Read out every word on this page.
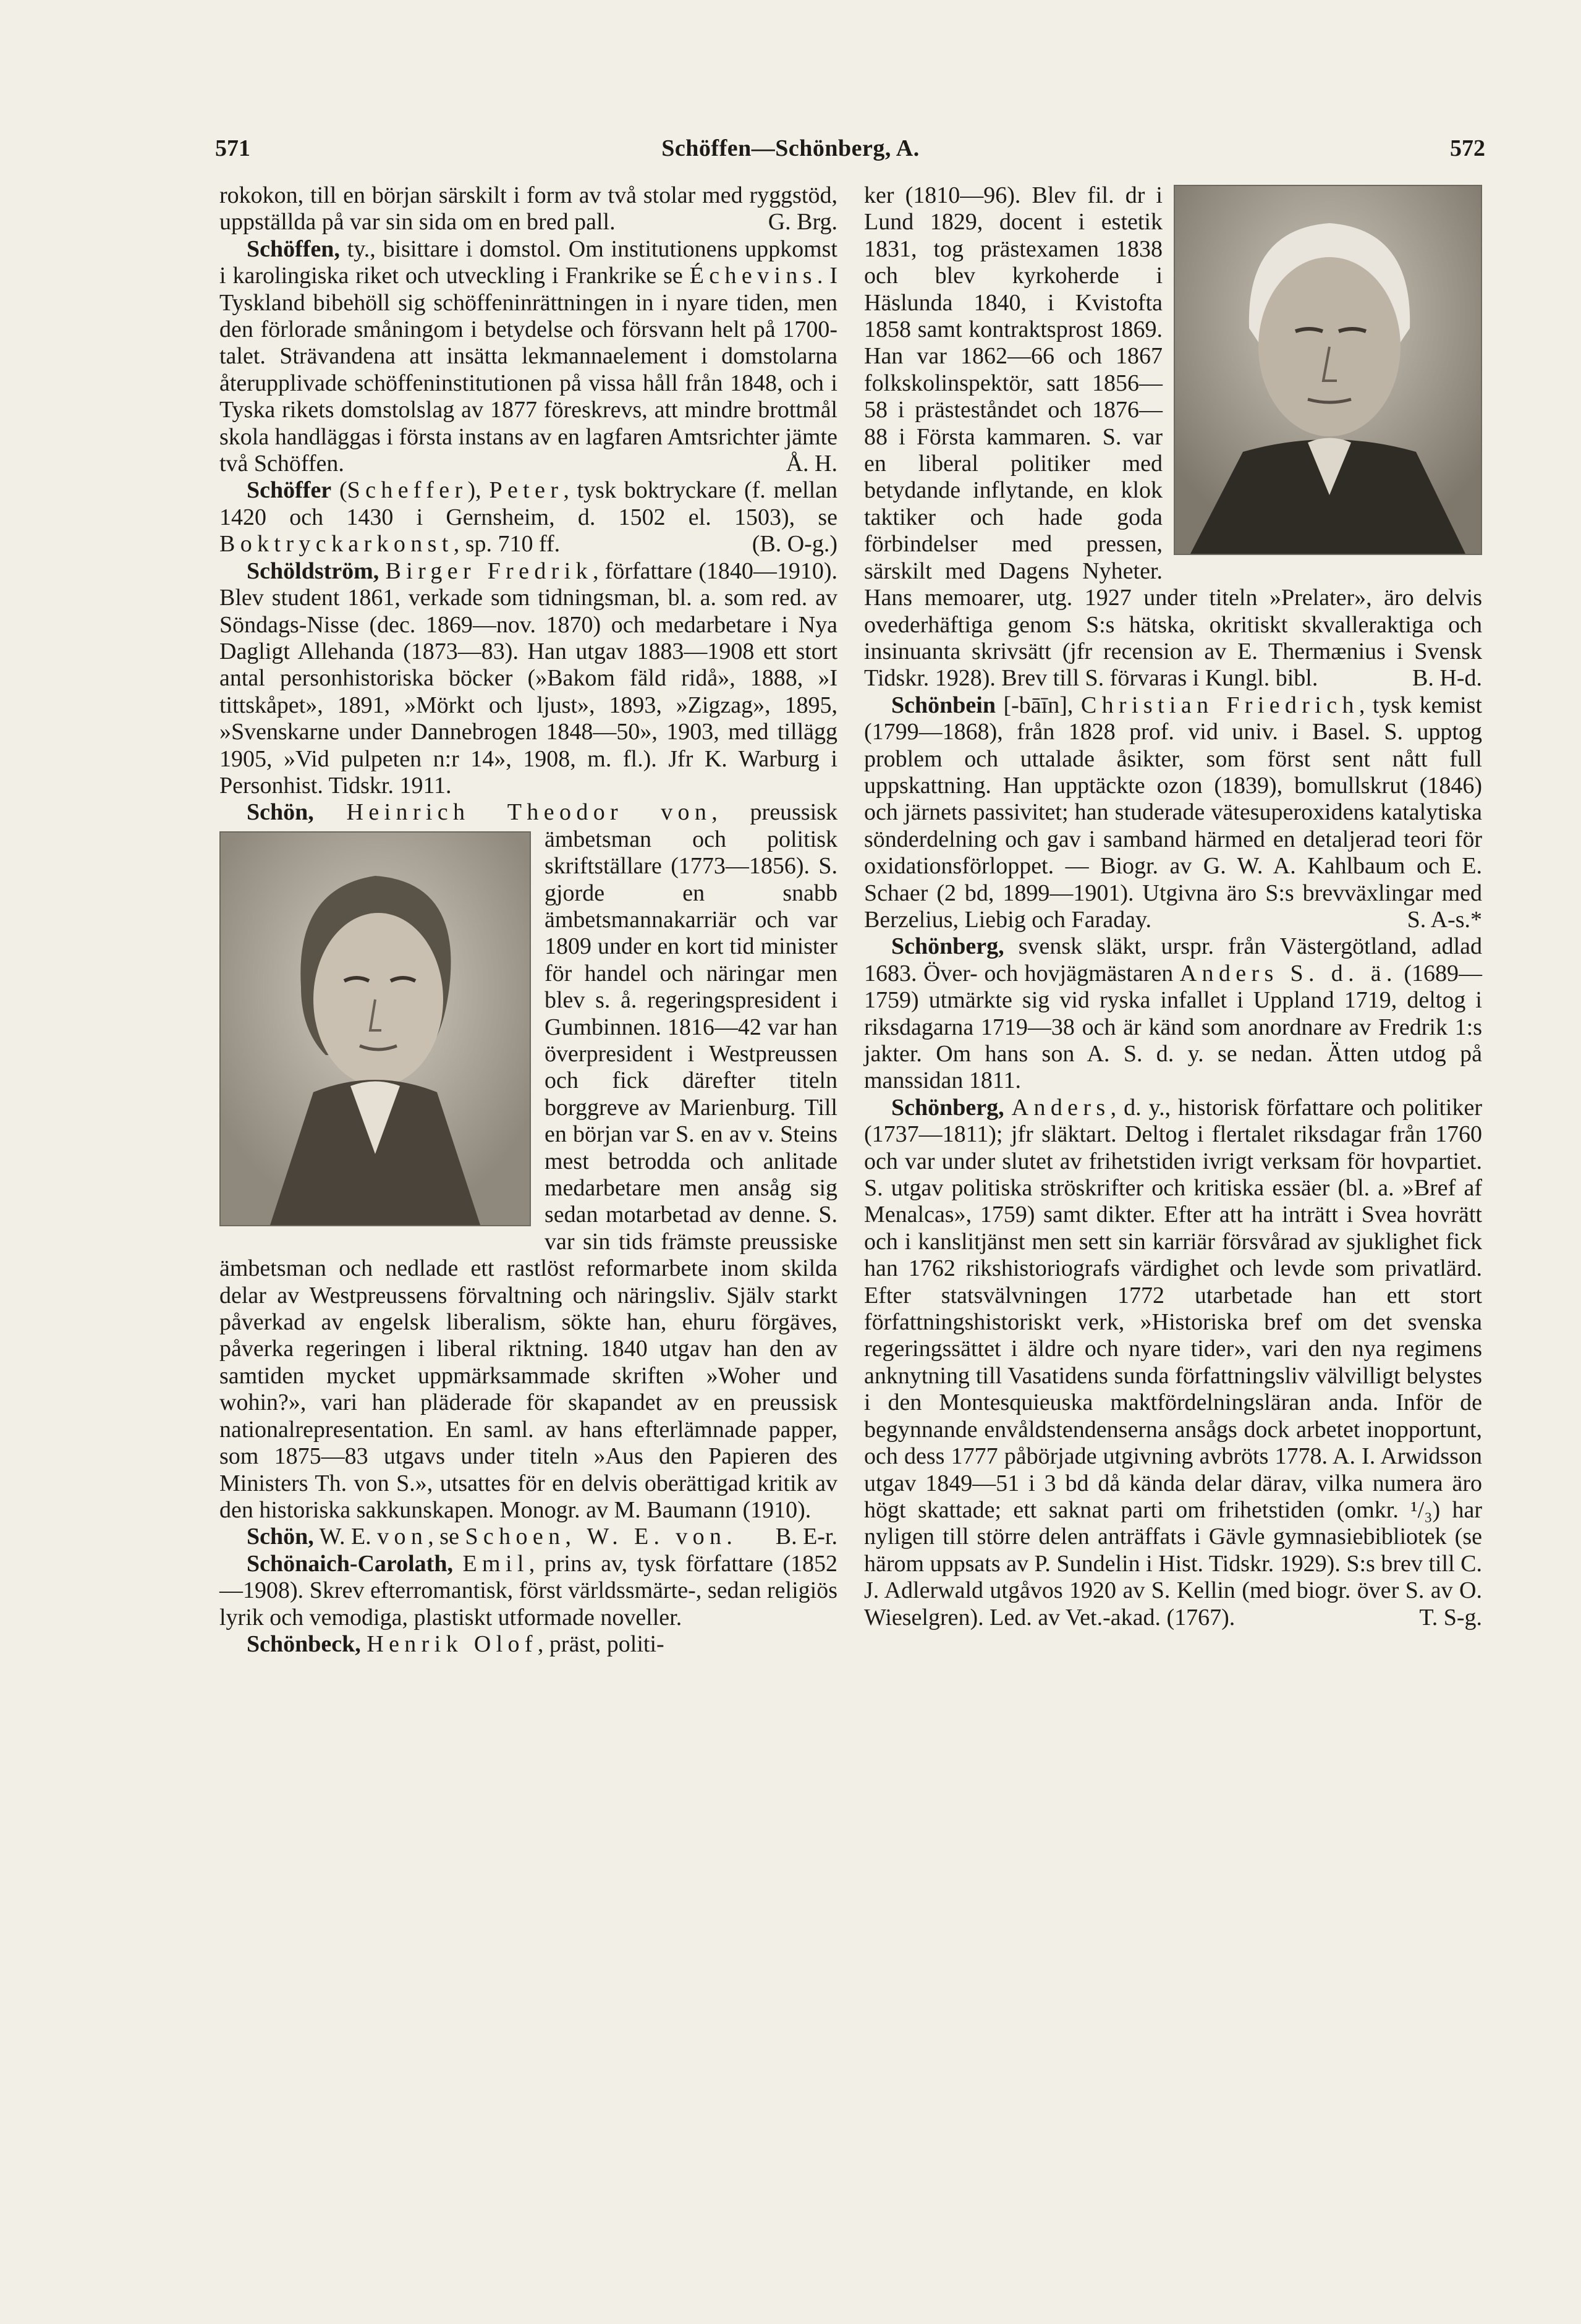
571	Schöffen—Schönberg, A.	572

rokokon, till en början särskilt i form av två stolar med ryggstöd, uppställda på var sin sida om en bred pall.	G. Brg.

Schöffen, ty., bisittare i domstol. Om institutionens uppkomst i karolingiska riket och utveckling i Frankrike se Échevins. I Tyskland bibehöll sig schöffeninrättningen in i nyare tiden, men den förlorade småningom i betydelse och försvann helt på 1700-talet. Strävandena att insätta lekmannaelement i domstolarna återupplivade schöffeninstitutionen på vissa håll från 1848, och i Tyska rikets domstolslag av 1877 föreskrevs, att mindre brottmål skola handläggas i första instans av en lagfaren Amtsrichter jämte två Schöffen.	Å. H.

Schöffer (Scheffer), Peter, tysk boktryckare (f. mellan 1420 och 1430 i Gernsheim, d. 1502 el. 1503), se Boktryckarkonst, sp. 710 ff.	(B. O-g.)

Schöldström, Birger Fredrik, författare (1840—1910). Blev student 1861, verkade som tidningsman, bl. a. som red. av Söndags-Nisse (dec. 1869—nov. 1870) och medarbetare i Nya Dagligt Allehanda (1873—83). Han utgav 1883—1908 ett stort antal personhistoriska böcker (»Bakom fäld ridå», 1888, »I tittskåpet», 1891, »Mörkt och ljust», 1893, »Zigzag», 1895, »Svenskarne under Dannebrogen 1848—50», 1903, med tillägg 1905, »Vid pulpeten n:r 14», 1908, m. fl.). Jfr K. Warburg i Personhist. Tidskr. 1911.

Schön, Heinrich Theodor von
, preussisk ämbetsman och politisk skriftställare (1773—1856). S. gjorde en snabb ämbetsmannakarriär och var 1809 under en kort tid minister för handel och näringar men blev s. å. regeringspresident i Gumbinnen. 1816—42 var han överpresident i Westpreussen och fick därefter titeln borggreve av Marienburg. Till en början var S. en av v. Steins mest betrodda och anlitade medarbetare men ansåg sig sedan motarbetad av denne. S. var sin tids främste preussiske ämbetsman och nedlade ett rastlöst reformarbete inom skilda delar av Westpreussens förvaltning och näringsliv. Själv starkt påverkad av engelsk liberalism, sökte han, ehuru förgäves, påverka regeringen i liberal riktning. 1840 utgav han den av samtiden mycket uppmärksammade skriften »Woher und wohin?», vari han pläderade för skapandet av en preussisk nationalrepresentation. En saml. av hans efterlämnade papper, som 1875—83 utgavs under titeln »Aus den Papieren des Ministers Th. von S.», utsattes för en delvis oberättigad kritik av den historiska sakkunskapen. Monogr. av M. Baumann (1910).
B. E-r.

Schön, W. E. von, se Schoen, W. E. von.

Schönaich-Carolath, Emil, prins av, tysk författare (1852—1908). Skrev efterromantisk, först världssmärte-, sedan religiös lyrik och vemodiga, plastiskt utformade noveller.

Schönbeck, Henrik Olof, präst, politi-

ker (1810—96). Blev fil. dr i Lund 1829, docent i estetik 1831, tog prästexamen 1838 och blev kyrkoherde i Häslunda 1840, i Kvistofta 1858 samt kontraktsprost 1869. Han var 1862—66 och 1867 folkskolinspektör, satt 1856—58 i prästeståndet och 1876—88 i Första kammaren. S. var en liberal politiker med betydande inflytande, en klok taktiker och hade goda förbindelser med pressen, särskilt med Dagens Nyheter. Hans memoarer, utg. 1927 under titeln »Prelater», äro delvis ovederhäftiga genom S:s hätska, okritiskt skvalleraktiga och insinuanta skrivsätt (jfr recension av E. Thermænius i Svensk Tidskr. 1928). Brev till S. förvaras i Kungl. bibl.	B. H-d.

Schönbein [-bāīn], Christian Friedrich, tysk kemist (1799—1868), från 1828 prof. vid univ. i Basel. S. upptog problem och uttalade åsikter, som först sent nått full uppskattning. Han upptäckte ozon (1839), bomullskrut (1846) och järnets passivitet; han studerade vätesuperoxidens katalytiska sönderdelning och gav i samband härmed en detaljerad teori för oxidationsförloppet. — Biogr. av G. W. A. Kahlbaum och E. Schaer (2 bd, 1899—1901). Utgivna äro S:s brevväxlingar med Berzelius, Liebig och Faraday.	S. A-s.*

Schönberg, svensk släkt, urspr. från Västergötland, adlad 1683. Över- och hovjägmästaren Anders S. d. ä. (1689—1759) utmärkte sig vid ryska infallet i Uppland 1719, deltog i riksdagarna 1719—38 och är känd som anordnare av Fredrik 1:s jakter. Om hans son A. S. d. y. se nedan. Ätten utdog på manssidan 1811.

Schönberg, Anders, d. y., historisk författare och politiker (1737—1811); jfr släktart. Deltog i flertalet riksdagar från 1760 och var under slutet av frihetstiden ivrigt verksam för hovpartiet. S. utgav politiska ströskrifter och kritiska essäer (bl. a. »Bref af Menalcas», 1759) samt dikter. Efter att ha inträtt i Svea hovrätt och i kanslitjänst men sett sin karriär försvårad av sjuklighet fick han 1762 rikshistoriografs värdighet och levde som privatlärd. Efter statsvälvningen 1772 utarbetade han ett stort författningshistoriskt verk, »Historiska bref om det svenska regeringssättet i äldre och nyare tider», vari den nya regimens anknytning till Vasatidens sunda författningsliv välvilligt belystes i den Montesquieuska maktfördelningsläran anda. Inför de begynnande envåldstendenserna ansågs dock arbetet inopportunt, och dess 1777 påbörjade utgivning avbröts 1778. A. I. Arwidsson utgav 1849—51 i 3 bd då kända delar därav, vilka numera äro högt skattade; ett saknat parti om frihetstiden (omkr. ¹/₃) har nyligen till större delen anträffats i Gävle gymnasiebibliotek (se härom uppsats av P. Sundelin i Hist. Tidskr. 1929). S:s brev till C. J. Adlerwald utgåvos 1920 av S. Kellin (med biogr. över S. av O. Wieselgren). Led. av Vet.-akad. (1767).	T. S-g.
